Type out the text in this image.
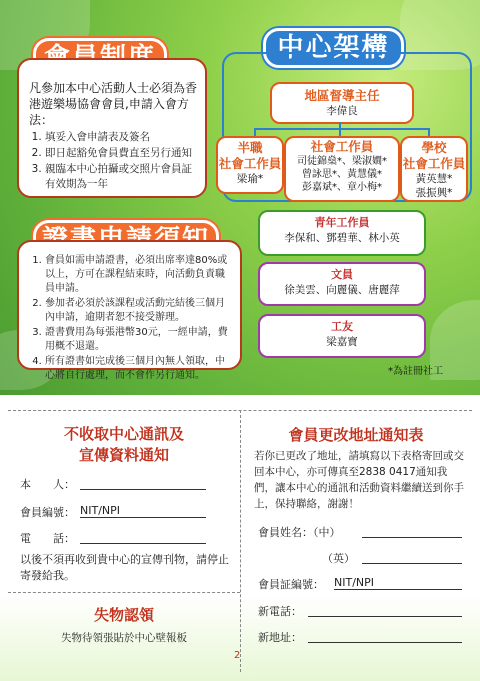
凡參加本中心活動人士必須為香港遊樂場協會會員,申請入會方法：
1. 填妥入會申請表及簽名
2. 即日起豁免會員費直至另行通知
3. 親臨本中心拍攝或交照片會員証有效期為一年
1. 會員如需申請證書，必須出席率達80%或以上，方可在課程結束時，向活動負責職員申請。
2. 參加者必須於該課程或活動完結後三個月內申請，逾期者恕不接受辦理。
3. 證書費用為每張港幣30元，一經申請，費用概不退還。
4. 所有證書如完成後三個月內無人領取，中心將自行處理，而不會作另行通知。
中心架構
地區督導主任
李偉良
半職
社會工作員
梁瑜*
社會工作員
司徒錦燊*、梁淑嫺*
曾詠思*、黃慧儀*
彭嘉斌*、章小梅*
學校
社會工作員
黃英慧*
張振興*
青年工作員
李保和、鄧碧華、林小英
文員
徐美雲、向麗儀、唐麗萍
工友
梁嘉寶
*為註冊社工
不收取中心通訊及
宣傳資料通知
本　　人：
會員編號： NIT/NPI
電　　話：
以後不須再收到貴中心的宣傳刊物，請停止寄發給我。
失物認領
失物待領張貼於中心壁報板
會員更改地址通知表
若你已更改了地址，請填寫以下表格寄回或交回本中心，亦可傳真至2838 0417通知我們，讓本中心的通訊和活動資料繼續送到你手上，保持聯絡，謝謝！
會員姓名：（中）
（英）
會員証編號： NIT/NPI
新電話：
新地址：
2
